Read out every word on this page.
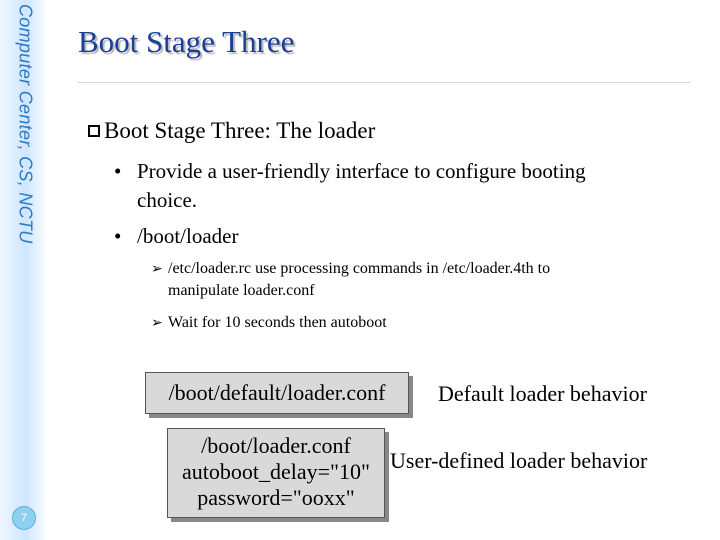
Computer Center, CS, NCTU
7
Boot Stage Three
Boot Stage Three: The loader
• Provide a user-friendly interface to configure booting
choice.
• /boot/loader
➢ /etc/loader.rc use processing commands in /etc/loader.4th to
manipulate loader.conf
➢ Wait for 10 seconds then autoboot
/boot/default/loader.conf Default loader behavior
/boot/loader.conf
autoboot_delay="10"
password="ooxx"
User-defined loader behavior
